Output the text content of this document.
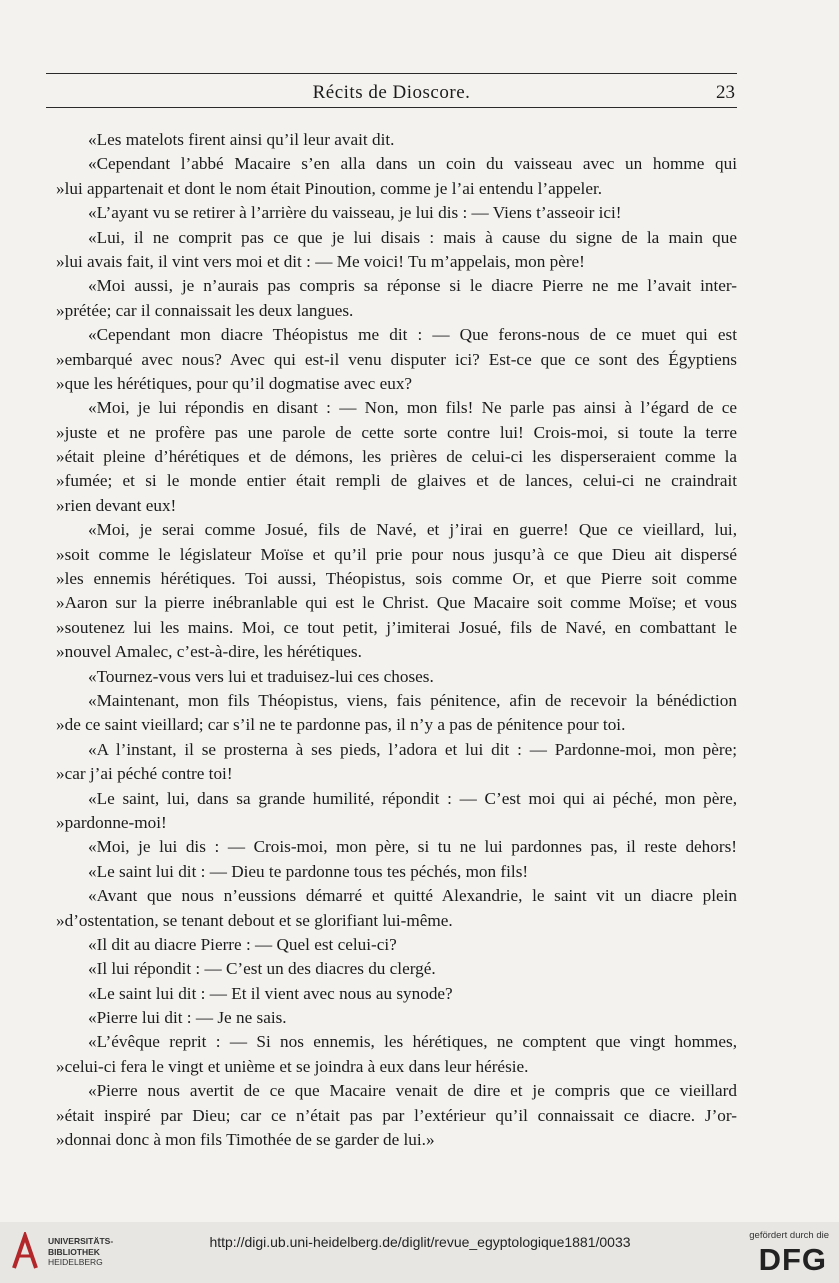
Récits de Dioscore.	23
«Les matelots firent ainsi qu’il leur avait dit.
«Cependant l’abbé Macaire s’en alla dans un coin du vaisseau avec un homme qui
»lui appartenait et dont le nom était Pinoution, comme je l’ai entendu l’appeler.
«L’ayant vu se retirer à l’arrière du vaisseau, je lui dis : — Viens t’asseoir ici!
«Lui, il ne comprit pas ce que je lui disais : mais à cause du signe de la main que
»lui avais fait, il vint vers moi et dit : — Me voici! Tu m’appelais, mon père!
«Moi aussi, je n’aurais pas compris sa réponse si le diacre Pierre ne me l’avait inter-
»prétée; car il connaissait les deux langues.
«Cependant mon diacre Théopistus me dit : — Que ferons-nous de ce muet qui est
»embarqué avec nous? Avec qui est-il venu disputer ici? Est-ce que ce sont des Égyptiens
»que les hérétiques, pour qu’il dogmatise avec eux?
«Moi, je lui répondis en disant : — Non, mon fils! Ne parle pas ainsi à l’égard de ce
»juste et ne profère pas une parole de cette sorte contre lui! Crois-moi, si toute la terre
»était pleine d’hérétiques et de démons, les prières de celui-ci les disperseraient comme la
»fumée; et si le monde entier était rempli de glaives et de lances, celui-ci ne craindrait
»rien devant eux!
«Moi, je serai comme Josué, fils de Navé, et j’irai en guerre! Que ce vieillard, lui,
»soit comme le législateur Moïse et qu’il prie pour nous jusqu’à ce que Dieu ait dispersé
»les ennemis hérétiques. Toi aussi, Théopistus, sois comme Or, et que Pierre soit comme
»Aaron sur la pierre inébranlable qui est le Christ. Que Macaire soit comme Moïse; et vous
»soutenez lui les mains. Moi, ce tout petit, j’imiterai Josué, fils de Navé, en combattant le
»nouvel Amalec, c’est-à-dire, les hérétiques.
«Tournez-vous vers lui et traduisez-lui ces choses.
«Maintenant, mon fils Théopistus, viens, fais pénitence, afin de recevoir la bénédiction
»de ce saint vieillard; car s’il ne te pardonne pas, il n’y a pas de pénitence pour toi.
«A l’instant, il se prosterna à ses pieds, l’adora et lui dit : — Pardonne-moi, mon père;
»car j’ai péché contre toi!
«Le saint, lui, dans sa grande humilité, répondit : — C’est moi qui ai péché, mon père,
»pardonne-moi!
«Moi, je lui dis : — Crois-moi, mon père, si tu ne lui pardonnes pas, il reste dehors!
«Le saint lui dit : — Dieu te pardonne tous tes péchés, mon fils!
«Avant que nous n’eussions démarré et quitté Alexandrie, le saint vit un diacre plein
»d’ostentation, se tenant debout et se glorifiant lui-même.
«Il dit au diacre Pierre : — Quel est celui-ci?
«Il lui répondit : — C’est un des diacres du clergé.
«Le saint lui dit : — Et il vient avec nous au synode?
«Pierre lui dit : — Je ne sais.
«L’évêque reprit : — Si nos ennemis, les hérétiques, ne comptent que vingt hommes,
»celui-ci fera le vingt et unième et se joindra à eux dans leur hérésie.
«Pierre nous avertit de ce que Macaire venait de dire et je compris que ce vieillard
»était inspiré par Dieu; car ce n’était pas par l’extérieur qu’il connaissait ce diacre. J’or-
»donnai donc à mon fils Timothée de se garder de lui.»
UNIVERSITÄTS-
BIBLIOTHEK
HEIDELBERG
http://digi.ub.uni-heidelberg.de/diglit/revue_egyptologique1881/0033	gefördert durch die
DFG
